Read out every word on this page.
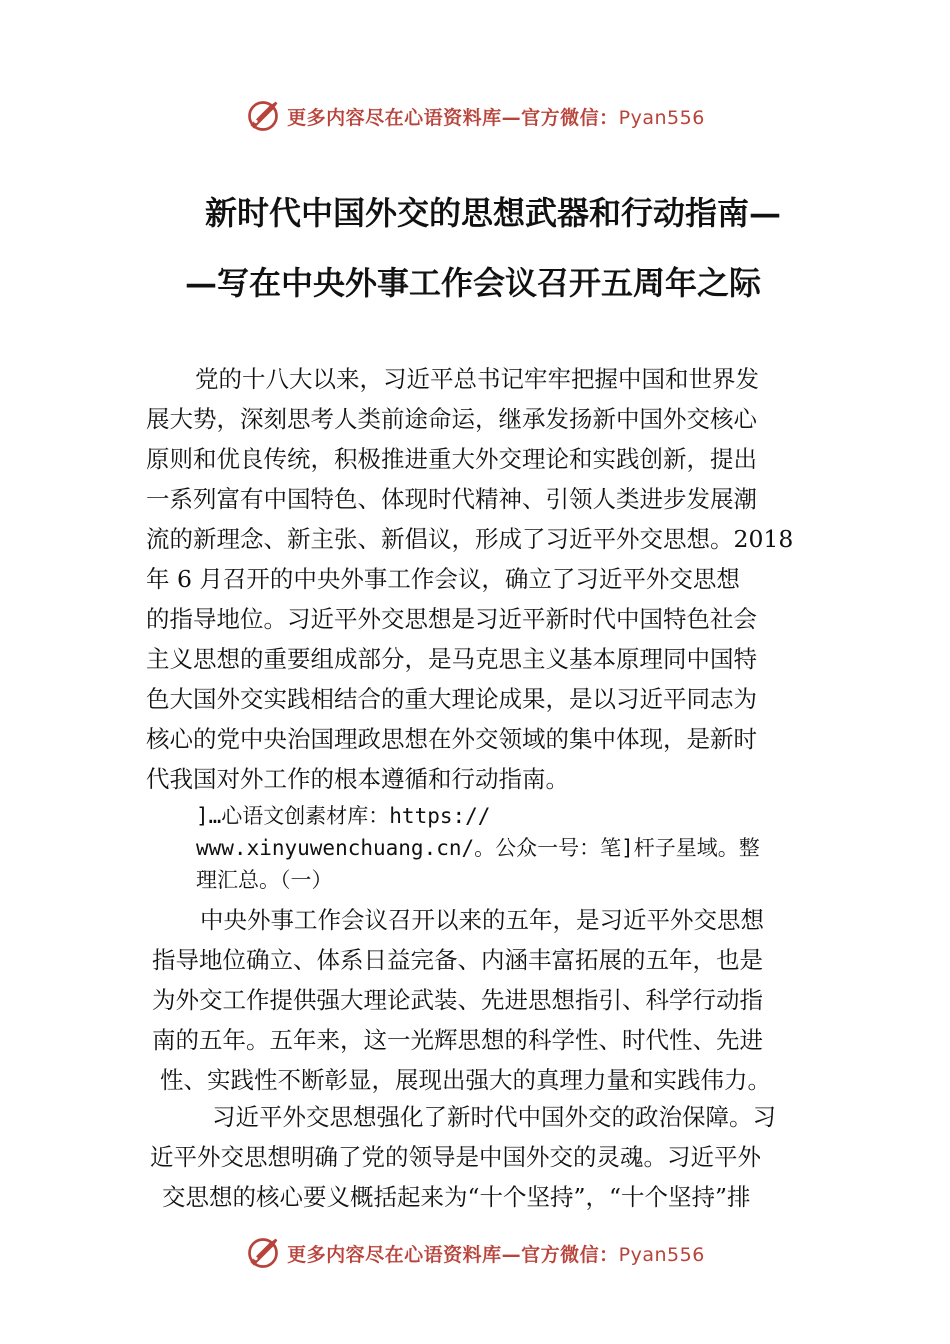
更多内容尽在心语资料库—官方微信：Pyan556
新时代中国外交的思想武器和行动指南—
—写在中央外事工作会议召开五周年之际
党的十八大以来，习近平总书记牢牢把握中国和世界发
展大势，深刻思考人类前途命运，继承发扬新中国外交核心
原则和优良传统，积极推进重大外交理论和实践创新，提出
一系列富有中国特色、体现时代精神、引领人类进步发展潮
流的新理念、新主张、新倡议，形成了习近平外交思想。2018
年 6 月召开的中央外事工作会议，确立了习近平外交思想
的指导地位。习近平外交思想是习近平新时代中国特色社会
主义思想的重要组成部分，是马克思主义基本原理同中国特
色大国外交实践相结合的重大理论成果，是以习近平同志为
核心的党中央治国理政思想在外交领域的集中体现，是新时
代我国对外工作的根本遵循和行动指南。
]…心语文创素材库：https://
www.xinyuwenchuang.cn/。公众一号：笔]杆子星域。整
理汇总。（一）
中央外事工作会议召开以来的五年，是习近平外交思想
指导地位确立、体系日益完备、内涵丰富拓展的五年，也是
为外交工作提供强大理论武装、先进思想指引、科学行动指
南的五年。五年来，这一光辉思想的科学性、时代性、先进
性、实践性不断彰显，展现出强大的真理力量和实践伟力。
习近平外交思想强化了新时代中国外交的政治保障。习
近平外交思想明确了党的领导是中国外交的灵魂。习近平外
交思想的核心要义概括起来为“十个坚持”，“十个坚持”排
更多内容尽在心语资料库—官方微信：Pyan556
